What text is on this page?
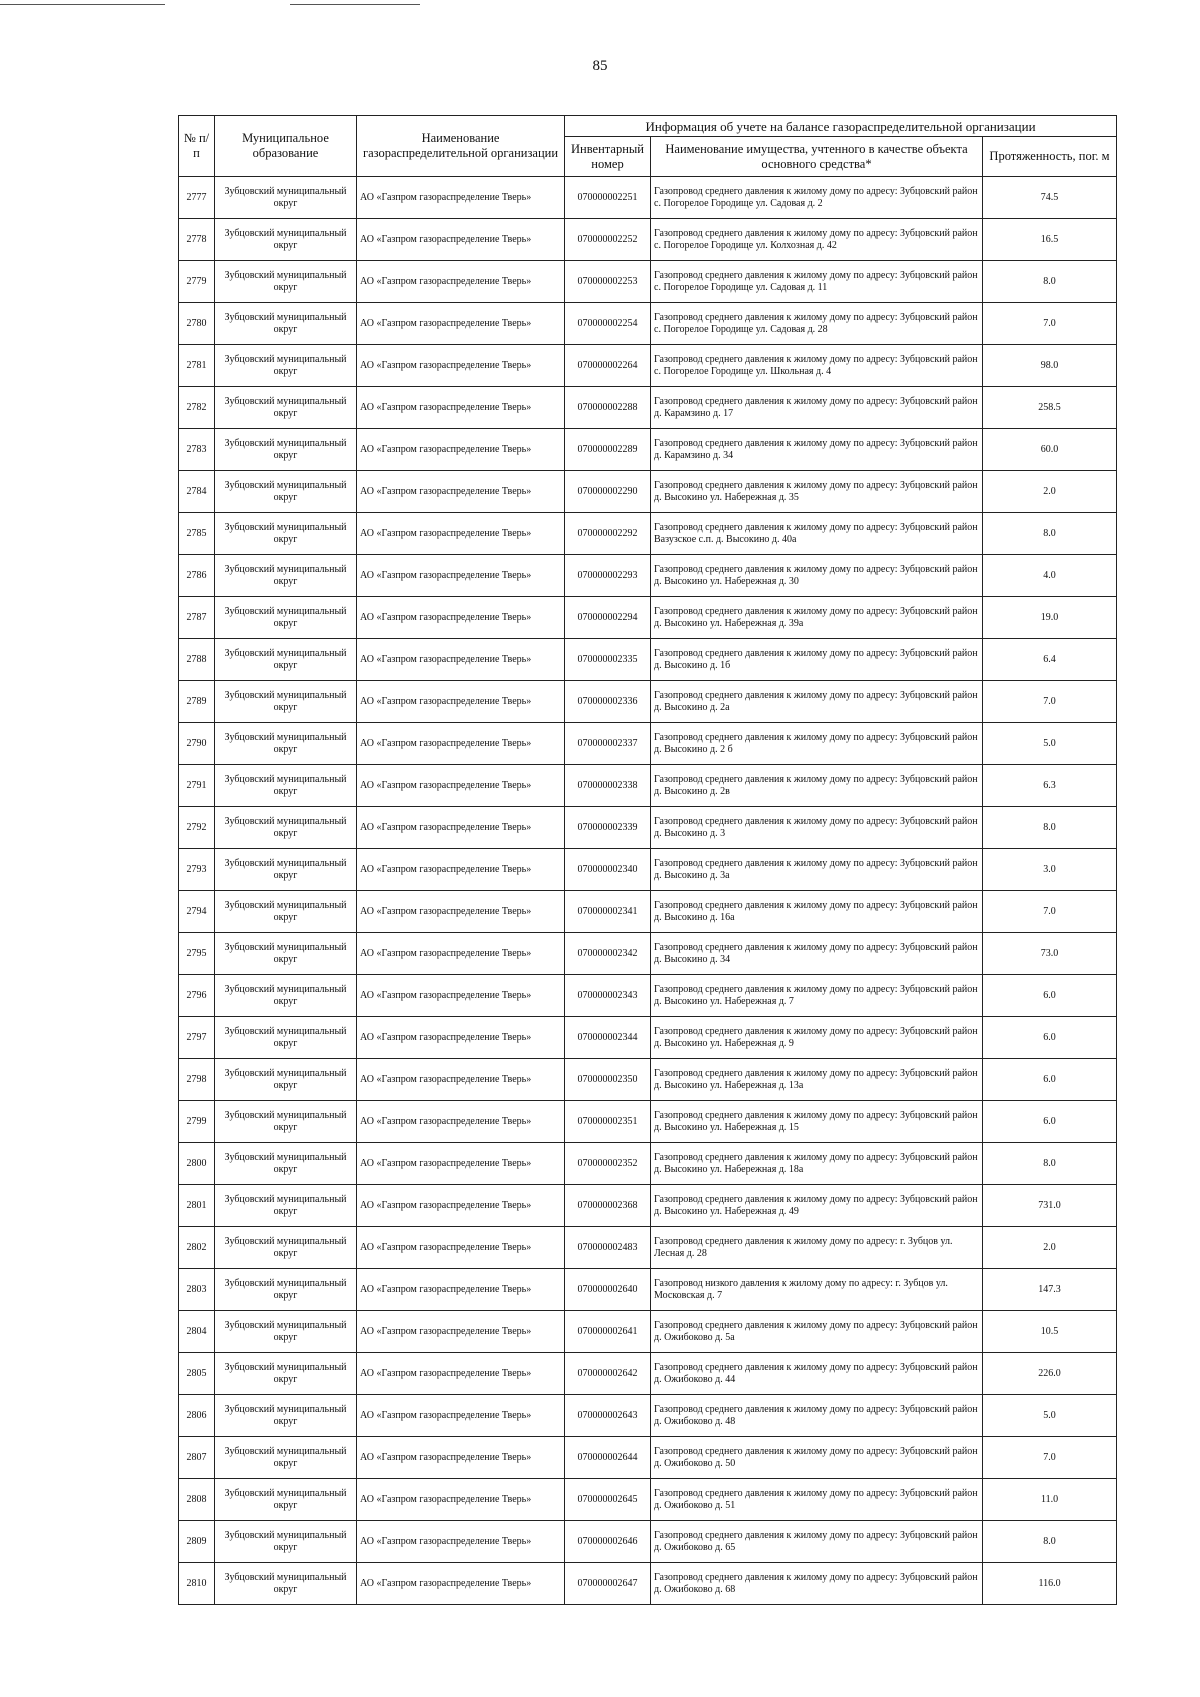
85
№ п/п	Муниципальное образование	Наименование газораспределительной организации	Информация об учете на балансе газораспределительной организации		
			Инвентарный номер	Наименование имущества, учтенного в качестве объекта основного средства*	Протяженность, пог. м
2777	Зубцовский муниципальный округ	АО «Газпром газораспределение Тверь»	070000002251	Газопровод среднего давления к жилому дому по адресу: Зубцовский район с. Погорелое Городище ул. Садовая д. 2	74.5
2778	Зубцовский муниципальный округ	АО «Газпром газораспределение Тверь»	070000002252	Газопровод среднего давления к жилому дому по адресу: Зубцовский район с. Погорелое Городище ул. Колхозная д. 42	16.5
2779	Зубцовский муниципальный округ	АО «Газпром газораспределение Тверь»	070000002253	Газопровод среднего давления к жилому дому по адресу: Зубцовский район с. Погорелое Городище ул. Садовая д. 11	8.0
2780	Зубцовский муниципальный округ	АО «Газпром газораспределение Тверь»	070000002254	Газопровод среднего давления к жилому дому по адресу: Зубцовский район с. Погорелое Городище ул. Садовая д. 28	7.0
2781	Зубцовский муниципальный округ	АО «Газпром газораспределение Тверь»	070000002264	Газопровод среднего давления к жилому дому по адресу: Зубцовский район с. Погорелое Городище ул. Школьная д. 4	98.0
2782	Зубцовский муниципальный округ	АО «Газпром газораспределение Тверь»	070000002288	Газопровод среднего давления к жилому дому по адресу: Зубцовский район д. Карамзино д. 17	258.5
2783	Зубцовский муниципальный округ	АО «Газпром газораспределение Тверь»	070000002289	Газопровод среднего давления к жилому дому по адресу: Зубцовский район д. Карамзино д. 34	60.0
2784	Зубцовский муниципальный округ	АО «Газпром газораспределение Тверь»	070000002290	Газопровод среднего давления к жилому дому по адресу: Зубцовский район д. Высокино ул. Набережная д. 35	2.0
2785	Зубцовский муниципальный округ	АО «Газпром газораспределение Тверь»	070000002292	Газопровод среднего давления к жилому дому по адресу: Зубцовский район Вазузское с.п. д. Высокино д. 40а	8.0
2786	Зубцовский муниципальный округ	АО «Газпром газораспределение Тверь»	070000002293	Газопровод среднего давления к жилому дому по адресу: Зубцовский район д. Высокино ул. Набережная д. 30	4.0
2787	Зубцовский муниципальный округ	АО «Газпром газораспределение Тверь»	070000002294	Газопровод среднего давления к жилому дому по адресу: Зубцовский район д. Высокино ул. Набережная д. 39а	19.0
2788	Зубцовский муниципальный округ	АО «Газпром газораспределение Тверь»	070000002335	Газопровод среднего давления к жилому дому по адресу: Зубцовский район д. Высокино д. 1б	6.4
2789	Зубцовский муниципальный округ	АО «Газпром газораспределение Тверь»	070000002336	Газопровод среднего давления к жилому дому по адресу: Зубцовский район д. Высокино д. 2а	7.0
2790	Зубцовский муниципальный округ	АО «Газпром газораспределение Тверь»	070000002337	Газопровод среднего давления к жилому дому по адресу: Зубцовский район д. Высокино д. 2 б	5.0
2791	Зубцовский муниципальный округ	АО «Газпром газораспределение Тверь»	070000002338	Газопровод среднего давления к жилому дому по адресу: Зубцовский район д. Высокино д. 2в	6.3
2792	Зубцовский муниципальный округ	АО «Газпром газораспределение Тверь»	070000002339	Газопровод среднего давления к жилому дому по адресу: Зубцовский район д. Высокино д. 3	8.0
2793	Зубцовский муниципальный округ	АО «Газпром газораспределение Тверь»	070000002340	Газопровод среднего давления к жилому дому по адресу: Зубцовский район д. Высокино д. 3а	3.0
2794	Зубцовский муниципальный округ	АО «Газпром газораспределение Тверь»	070000002341	Газопровод среднего давления к жилому дому по адресу: Зубцовский район д. Высокино д. 16а	7.0
2795	Зубцовский муниципальный округ	АО «Газпром газораспределение Тверь»	070000002342	Газопровод среднего давления к жилому дому по адресу: Зубцовский район д. Высокино д. 34	73.0
2796	Зубцовский муниципальный округ	АО «Газпром газораспределение Тверь»	070000002343	Газопровод среднего давления к жилому дому по адресу: Зубцовский район д. Высокино ул. Набережная д. 7	6.0
2797	Зубцовский муниципальный округ	АО «Газпром газораспределение Тверь»	070000002344	Газопровод среднего давления к жилому дому по адресу: Зубцовский район д. Высокино ул. Набережная д. 9	6.0
2798	Зубцовский муниципальный округ	АО «Газпром газораспределение Тверь»	070000002350	Газопровод среднего давления к жилому дому по адресу: Зубцовский район д. Высокино ул. Набережная д. 13а	6.0
2799	Зубцовский муниципальный округ	АО «Газпром газораспределение Тверь»	070000002351	Газопровод среднего давления к жилому дому по адресу: Зубцовский район д. Высокино ул. Набережная д. 15	6.0
2800	Зубцовский муниципальный округ	АО «Газпром газораспределение Тверь»	070000002352	Газопровод среднего давления к жилому дому по адресу: Зубцовский район д. Высокино ул. Набережная д. 18а	8.0
2801	Зубцовский муниципальный округ	АО «Газпром газораспределение Тверь»	070000002368	Газопровод среднего давления к жилому дому по адресу: Зубцовский район д. Высокино ул. Набережная д. 49	731.0
2802	Зубцовский муниципальный округ	АО «Газпром газораспределение Тверь»	070000002483	Газопровод среднего давления к жилому дому по адресу: г. Зубцов ул. Лесная д. 28	2.0
2803	Зубцовский муниципальный округ	АО «Газпром газораспределение Тверь»	070000002640	Газопровод низкого давления к жилому дому по адресу: г. Зубцов ул. Московская д. 7	147.3
2804	Зубцовский муниципальный округ	АО «Газпром газораспределение Тверь»	070000002641	Газопровод среднего давления к жилому дому по адресу: Зубцовский район д. Ожибоково д. 5а	10.5
2805	Зубцовский муниципальный округ	АО «Газпром газораспределение Тверь»	070000002642	Газопровод среднего давления к жилому дому по адресу: Зубцовский район д. Ожибоково д. 44	226.0
2806	Зубцовский муниципальный округ	АО «Газпром газораспределение Тверь»	070000002643	Газопровод среднего давления к жилому дому по адресу: Зубцовский район д. Ожибоково д. 48	5.0
2807	Зубцовский муниципальный округ	АО «Газпром газораспределение Тверь»	070000002644	Газопровод среднего давления к жилому дому по адресу: Зубцовский район д. Ожибоково д. 50	7.0
2808	Зубцовский муниципальный округ	АО «Газпром газораспределение Тверь»	070000002645	Газопровод среднего давления к жилому дому по адресу: Зубцовский район д. Ожибоково д. 51	11.0
2809	Зубцовский муниципальный округ	АО «Газпром газораспределение Тверь»	070000002646	Газопровод среднего давления к жилому дому по адресу: Зубцовский район д. Ожибоково д. 65	8.0
2810	Зубцовский муниципальный округ	АО «Газпром газораспределение Тверь»	070000002647	Газопровод среднего давления к жилому дому по адресу: Зубцовский район д. Ожибоково д. 68	116.0
